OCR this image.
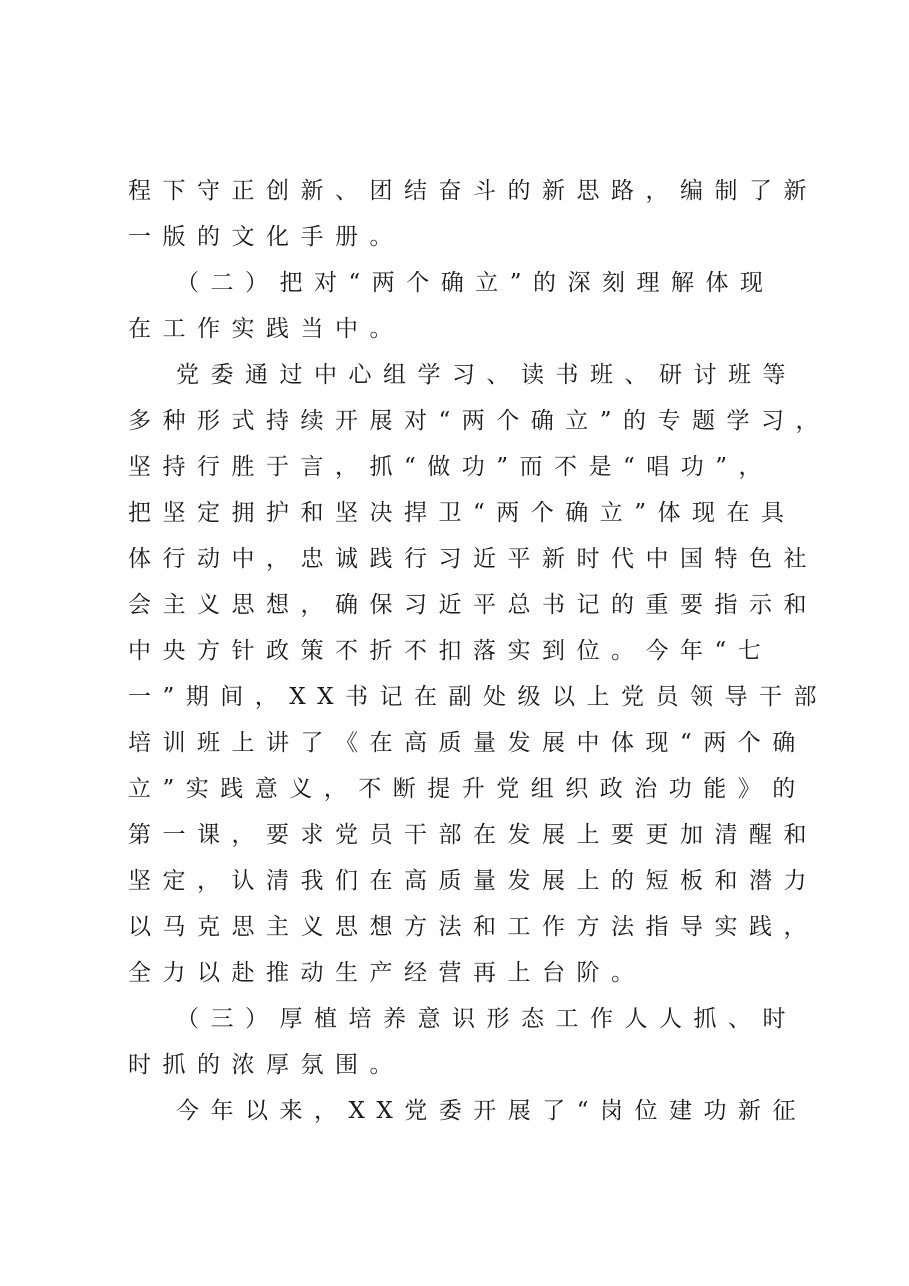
程下守正创新、团结奋斗的新思路，编制了新
一版的文化手册。
（二）把对“两个确立”的深刻理解体现
在工作实践当中。
党委通过中心组学习、读书班、研讨班等
多种形式持续开展对“两个确立”的专题学习，
坚持行胜于言，抓“做功”而不是“唱功”，
把坚定拥护和坚决捍卫“两个确立”体现在具
体行动中，忠诚践行习近平新时代中国特色社
会主义思想，确保习近平总书记的重要指示和
中央方针政策不折不扣落实到位。今年“七
一”期间，XX书记在副处级以上党员领导干部
培训班上讲了《在高质量发展中体现“两个确
立”实践意义，不断提升党组织政治功能》的
第一课，要求党员干部在发展上要更加清醒和
坚定，认清我们在高质量发展上的短板和潜力
以马克思主义思想方法和工作方法指导实践，
全力以赴推动生产经营再上台阶。
（三）厚植培养意识形态工作人人抓、时
时抓的浓厚氛围。
今年以来，XX党委开展了“岗位建功新征
